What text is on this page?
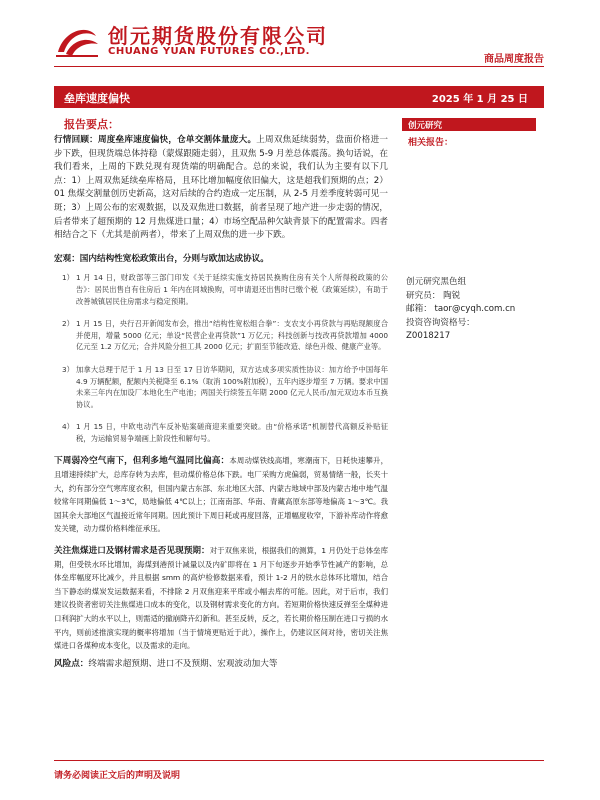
创元期货股份有限公司
CHUANG YUAN FUTURES CO.,LTD.
商品周度报告
垒库速度偏快	2025 年 1 月 25 日
报告要点：

行情回顾：周度垒库速度偏快，仓单交割体量庞大。上周双焦延续弱势，盘面价格进一步下跌，但现货端总体持稳（蒙煤跟随走弱），且双焦 5-9 月差总体震荡。换句话说，在我们看来，上周的下跌兑现有现货端的明确配合。总的来说，我们认为主要有以下几点：1）上周双焦延续垒库格局，且环比增加幅度依旧偏大，这是超我们预期的点；2）01 焦煤交割量创历史新高，这对后续的合约造成一定压制，从 2-5 月差季度转弱可见一斑；3）上周公布的宏观数据，以及双焦进口数据，前者呈现了地产进一步走弱的情况，后者带来了超预期的 12 月焦煤进口量；4）市场空配品种欠缺背景下的配置需求。四者相结合之下（尤其是前两者），带来了上周双焦的进一步下跌。

宏观：国内结构性宽松政策出台，分则与欧加达成协议。

1） 1 月 14 日，财政部等三部门印发《关于延续实施支持居民换购住房有关个人所得税政策的公告》：居民出售自有住房后 1 年内在同城换购，可申请退还出售时已缴个税（政策延续），有助于改善城镇居民住房需求与稳定预期。
2） 1 月 15 日，央行召开新闻发布会，推出“结构性宽松组合拳”：支农支小再贷款与再贴现额度合并使用，增量 5000 亿元；单设“民营企业再贷款”1 万亿元；科技创新与技改再贷款增加 4000 亿元至 1.2 万亿元；合并风险分担工具 2000 亿元；扩面至节能改造、绿色升级、健康产业等。
3） 加拿大总理于尼于 1 月 13 日至 17 日访华期间，双方达成多项实质性协议：加方给予中国每年 4.9 万辆配额，配额内关税降至 6.1%（取消 100%附加税），五年内逐步增至 7 万辆。要求中国未来三年内在加设厂本地化生产电池；两国关行续签五年期 2000 亿元人民币/加元双边本币互换协议。
4） 1 月 15 日，中欧电动汽车反补贴案磋商迎来重要突破。由“价格承诺”机制替代高额反补贴征税，为运输贸易争端画上阶段性和解句号。

下周弱冷空气南下，但利多地气温同比偏高：本周动煤铁线高增，寒潮南下，日耗快速攀升，且增速持续扩大，总库存转为去库，但动煤价格总体下跌。电厂采购方虎偏弱，贸易情绪一般，长夹十大，约有部分空气寒库度衣积，但国内蒙古东部、东北地区大部、内蒙古地域中部及内蒙古地中地气温较常年同期偏低 1～3℃，局地偏低 4℃以上；江南南部、华南、青藏高原东部等地偏高 1～3℃。我国其余大部地区气温接近常年同期。因此预计下周日耗或再度回落，正增幅度收窄，下游补库动作将愈发关键，动力煤价格料维征承压。

关注焦煤进口及钢材需求是否见现预期：对于双焦来说，根据我们的测算，1 月仍处于总体垒库期，但受铁水环比增加，海煤到港预计减量以及内矿即将在 1 月下旬逐步开始季节性减产的影响，总体垒库幅度环比减少，并且根据 smm 的高炉检修数据来看，预计 1-2 月的铁水总体环比增加，结合当下静态的煤炭发运数据来看，不排除 2 月双焦迎来平库或小幅去库的可能。因此，对于后市，我们建议投资者密切关注焦煤进口成本的变化，以及钢材需求变化的方向。若短期价格快速反弹至全煤种进口利润扩大的水平以上，则需适的撤崩降卉幻新和。甚至反转，反之，若长期价格压制在进口亏损的水平内，则前述推演实现的概率将增加（当于情境更贴近于此），操作上，仍建议区间对待，密切关注焦煤进口各煤种成本变化，以及需求的走向。

风险点：终端需求超预期、进口不及预期、宏观波动加大等

创元研究
相关报告：
创元研究黑色组
研究员： 陶锐
邮箱： taor@cyqh.com.cn
投资咨询资格号：
Z0018217
请务必阅读正文后的声明及说明
